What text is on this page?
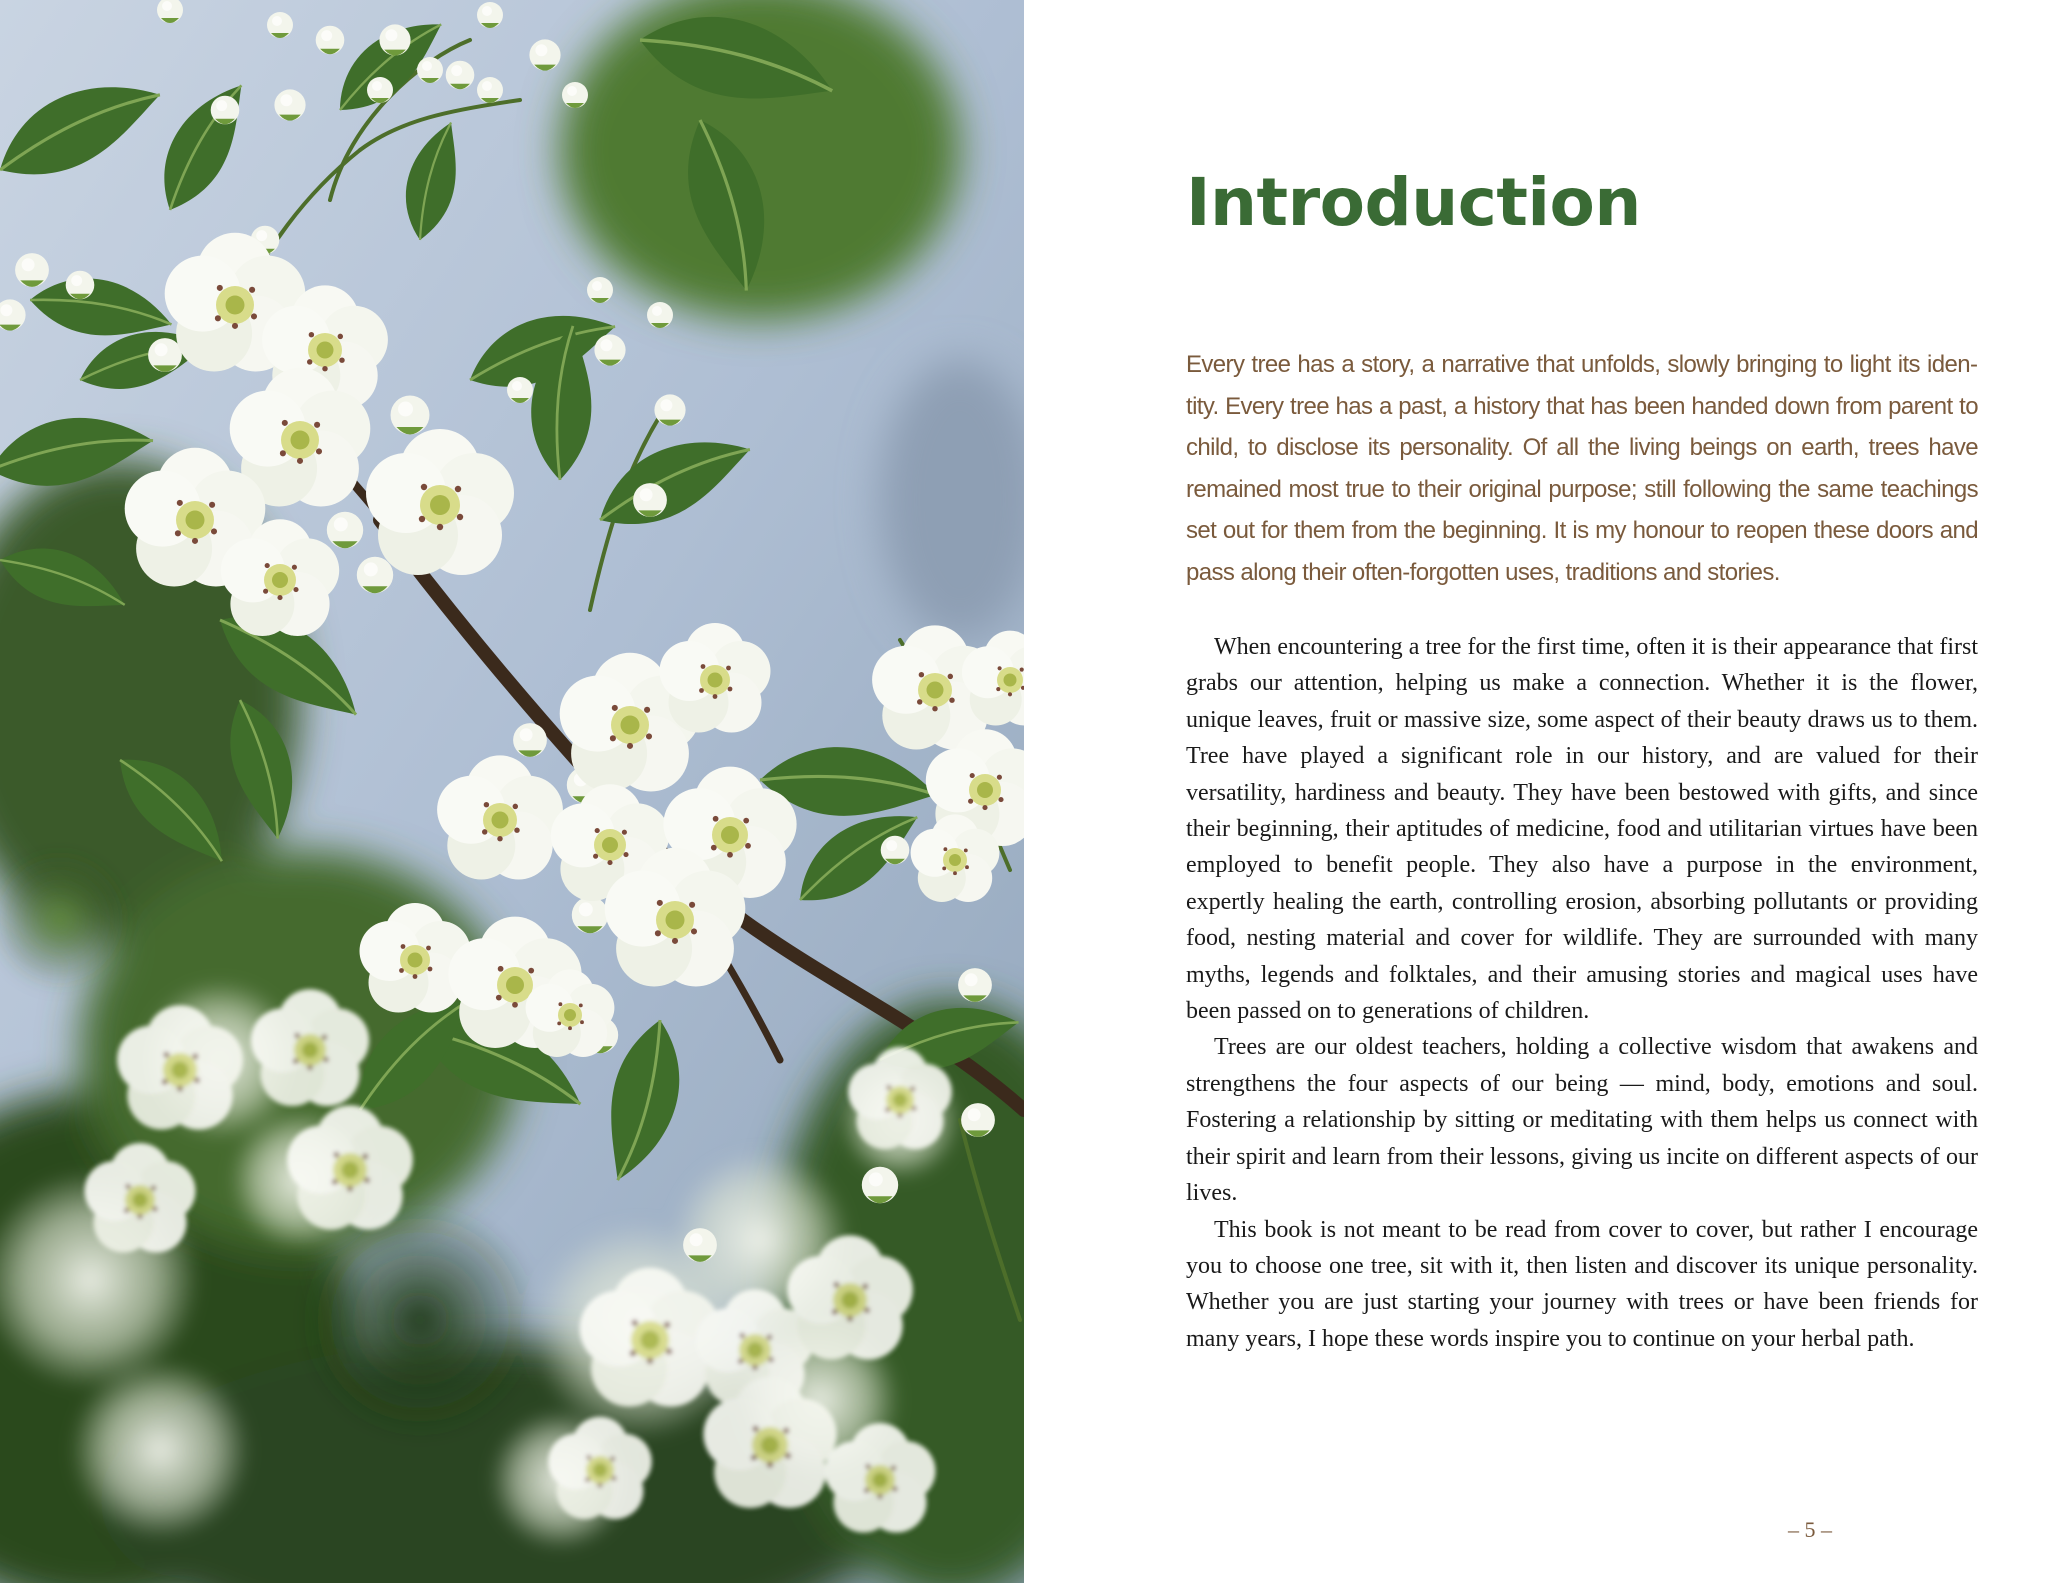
Introduction

Every tree has a story, a narrative that unfolds, slowly bringing to light its identity. Every tree has a past, a history that has been handed down from parent to child, to disclose its personality. Of all the living beings on earth, trees have remained most true to their original purpose; still following the same teachings set out for them from the beginning. It is my honour to reopen these doors and pass along their often-forgotten uses, traditions and stories.

When encountering a tree for the first time, often it is their appearance that first grabs our attention, helping us make a connection. Whether it is the flower, unique leaves, fruit or massive size, some aspect of their beauty draws us to them. Tree have played a significant role in our history, and are valued for their versatility, hardiness and beauty. They have been bestowed with gifts, and since their beginning, their aptitudes of medicine, food and utilitarian virtues have been employed to benefit people. They also have a purpose in the environment, expertly healing the earth, controlling erosion, absorbing pollutants or providing food, nesting material and cover for wildlife. They are surrounded with many myths, legends and folktales, and their amusing stories and magical uses have been passed on to generations of children.

Trees are our oldest teachers, holding a collective wisdom that awakens and strengthens the four aspects of our being — mind, body, emotions and soul. Fostering a relationship by sitting or meditating with them helps us connect with their spirit and learn from their lessons, giving us incite on different aspects of our lives.

This book is not meant to be read from cover to cover, but rather I encourage you to choose one tree, sit with it, then listen and discover its unique personality. Whether you are just starting your journey with trees or have been friends for many years, I hope these words inspire you to continue on your herbal path.

– 5 –
